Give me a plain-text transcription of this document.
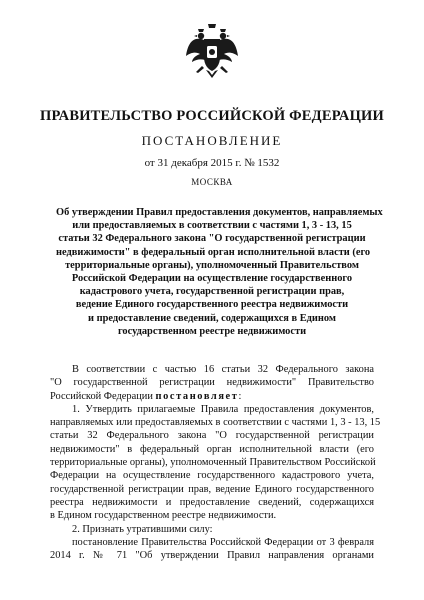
ПРАВИТЕЛЬСТВО РОССИЙСКОЙ ФЕДЕРАЦИИ
ПОСТАНОВЛЕНИЕ
от 31 декабря 2015 г. № 1532
МОСКВА
Об утверждении Правил предоставления документов, направляемых
или предоставляемых в соответствии с частями 1, 3 - 13, 15
статьи 32 Федерального закона "О государственной регистрации
недвижимости" в федеральный орган исполнительной власти (его
территориальные органы), уполномоченный Правительством
Российской Федерации на осуществление государственного
кадастрового учета, государственной регистрации прав,
ведение Единого государственного реестра недвижимости
и предоставление сведений, содержащихся в Едином
государственном реестре недвижимости
В соответствии с частью 16 статьи 32 Федерального закона
"О государственной регистрации недвижимости" Правительство
Российской Федерации постановляет:
1. Утвердить прилагаемые Правила предоставления документов,
направляемых или предоставляемых в соответствии с частями 1, 3 - 13, 15
статьи 32 Федерального закона "О государственной регистрации
недвижимости" в федеральный орган исполнительной власти (его
территориальные органы), уполномоченный Правительством Российской
Федерации на осуществление государственного кадастрового учета,
государственной регистрации прав, ведение Единого государственного
реестра недвижимости и предоставление сведений, содержащихся
в Едином государственном реестре недвижимости.
2. Признать утратившими силу:
постановление Правительства Российской Федерации от 3 февраля
2014 г. № 71 "Об утверждении Правил направления органами
